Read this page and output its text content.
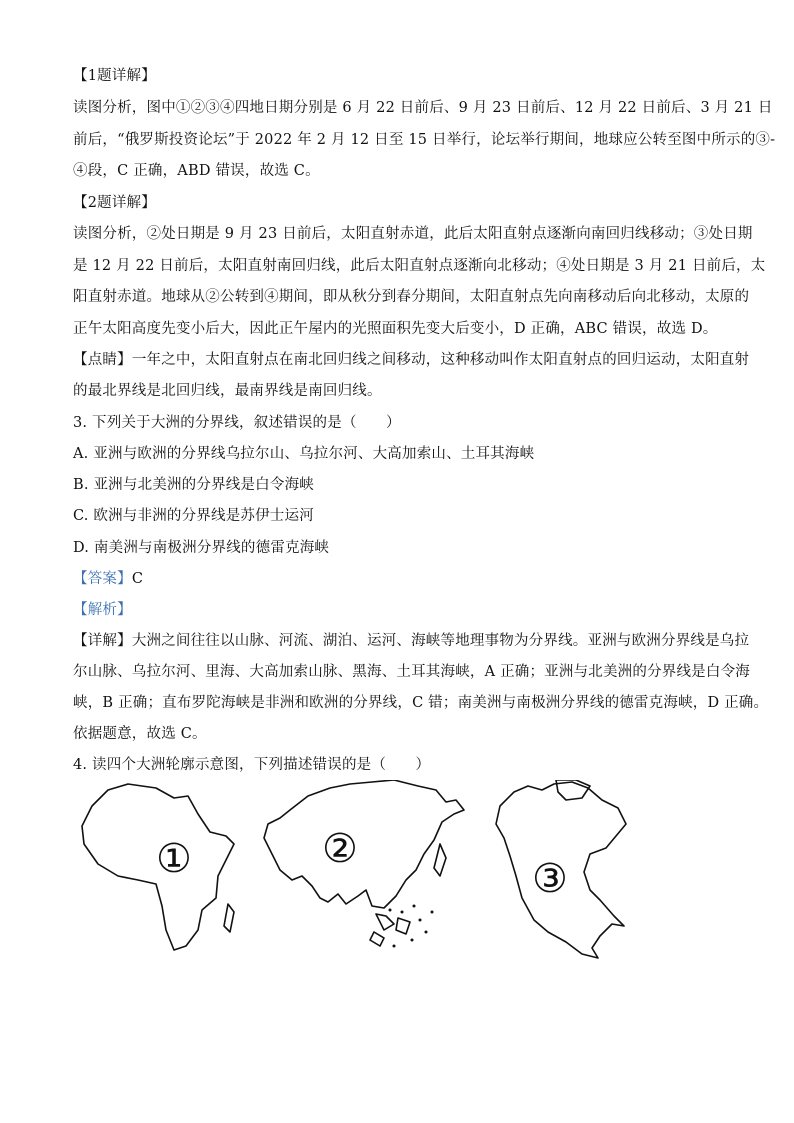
【1题详解】
读图分析，图中①②③④四地日期分别是 6 月 22 日前后、9 月 23 日前后、12 月 22 日前后、3 月 21 日
前后，“俄罗斯投资论坛”于 2022 年 2 月 12 日至 15 日举行，论坛举行期间，地球应公转至图中所示的③-
④段，C 正确，ABD 错误，故选 C。
【2题详解】
读图分析，②处日期是 9 月 23 日前后，太阳直射赤道，此后太阳直射点逐渐向南回归线移动；③处日期
是 12 月 22 日前后，太阳直射南回归线，此后太阳直射点逐渐向北移动；④处日期是 3 月 21 日前后，太
阳直射赤道。地球从②公转到④期间，即从秋分到春分期间，太阳直射点先向南移动后向北移动，太原的
正午太阳高度先变小后大，因此正午屋内的光照面积先变大后变小，D 正确，ABC 错误，故选 D。
【点睛】一年之中，太阳直射点在南北回归线之间移动，这种移动叫作太阳直射点的回归运动，太阳直射
的最北界线是北回归线，最南界线是南回归线。
3. 下列关于大洲的分界线，叙述错误的是（　　）
A. 亚洲与欧洲的分界线乌拉尔山、乌拉尔河、大高加索山、土耳其海峡
B. 亚洲与北美洲的分界线是白令海峡
C. 欧洲与非洲的分界线是苏伊士运河
D. 南美洲与南极洲分界线的德雷克海峡
【答案】C
【解析】
【详解】大洲之间往往以山脉、河流、湖泊、运河、海峡等地理事物为分界线。亚洲与欧洲分界线是乌拉
尔山脉、乌拉尔河、里海、大高加索山脉、黑海、土耳其海峡，A 正确；亚洲与北美洲的分界线是白令海
峡，B 正确；直布罗陀海峡是非洲和欧洲的分界线，C 错；南美洲与南极洲分界线的德雷克海峡，D 正确。
依据题意，故选 C。
4. 读四个大洲轮廓示意图，下列描述错误的是（　　）
①	②
③
